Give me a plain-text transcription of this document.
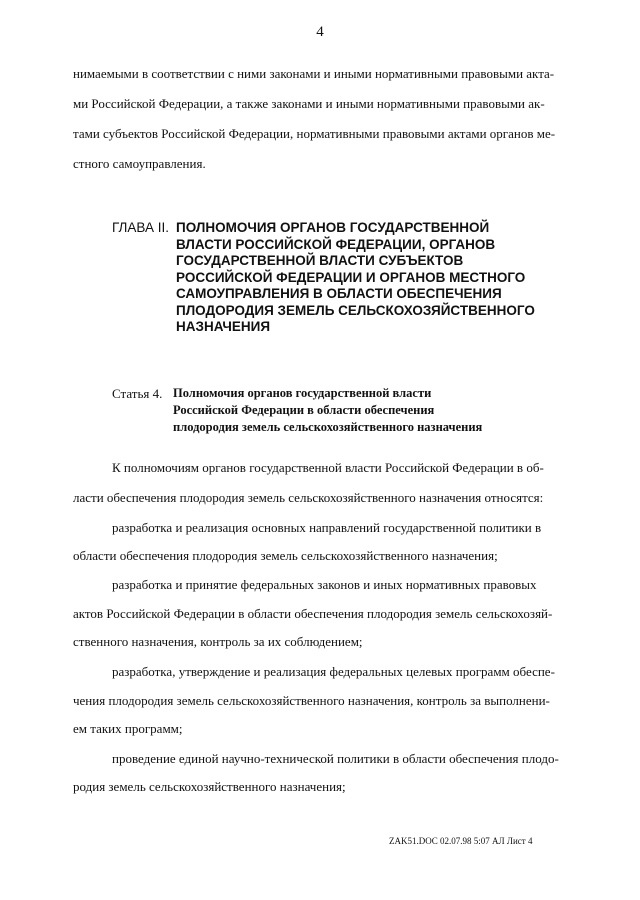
4
нимаемыми в соответствии с ними законами и иными нормативными правовыми акта-
ми Российской Федерации, а также законами и иными нормативными правовыми ак-
тами субъектов Российской Федерации, нормативными правовыми актами органов ме-
стного самоуправления.
ГЛАВА II. ПОЛНОМОЧИЯ ОРГАНОВ ГОСУДАРСТВЕННОЙ
ВЛАСТИ РОССИЙСКОЙ ФЕДЕРАЦИИ, ОРГАНОВ
ГОСУДАРСТВЕННОЙ ВЛАСТИ СУБЪЕКТОВ
РОССИЙСКОЙ ФЕДЕРАЦИИ И ОРГАНОВ МЕСТНОГО
САМОУПРАВЛЕНИЯ В ОБЛАСТИ ОБЕСПЕЧЕНИЯ
ПЛОДОРОДИЯ ЗЕМЕЛЬ СЕЛЬСКОХОЗЯЙСТВЕННОГО
НАЗНАЧЕНИЯ
Статья 4. Полномочия органов государственной власти
Российской Федерации в области обеспечения
плодородия земель сельскохозяйственного назначения
К полномочиям органов государственной власти Российской Федерации в об-
ласти обеспечения плодородия земель сельскохозяйственного назначения относятся:
разработка и реализация основных направлений государственной политики в
области обеспечения плодородия земель сельскохозяйственного назначения;
разработка и принятие федеральных законов и иных нормативных правовых
актов Российской Федерации в области обеспечения плодородия земель сельскохозяй-
ственного назначения, контроль за их соблюдением;
разработка, утверждение и реализация федеральных целевых программ обеспе-
чения плодородия земель сельскохозяйственного назначения, контроль за выполнени-
ем таких программ;
проведение единой научно-технической политики в области обеспечения плодо-
родия земель сельскохозяйственного назначения;
ZAK51.DOC 02.07.98 5:07 АЛ Лист 4
